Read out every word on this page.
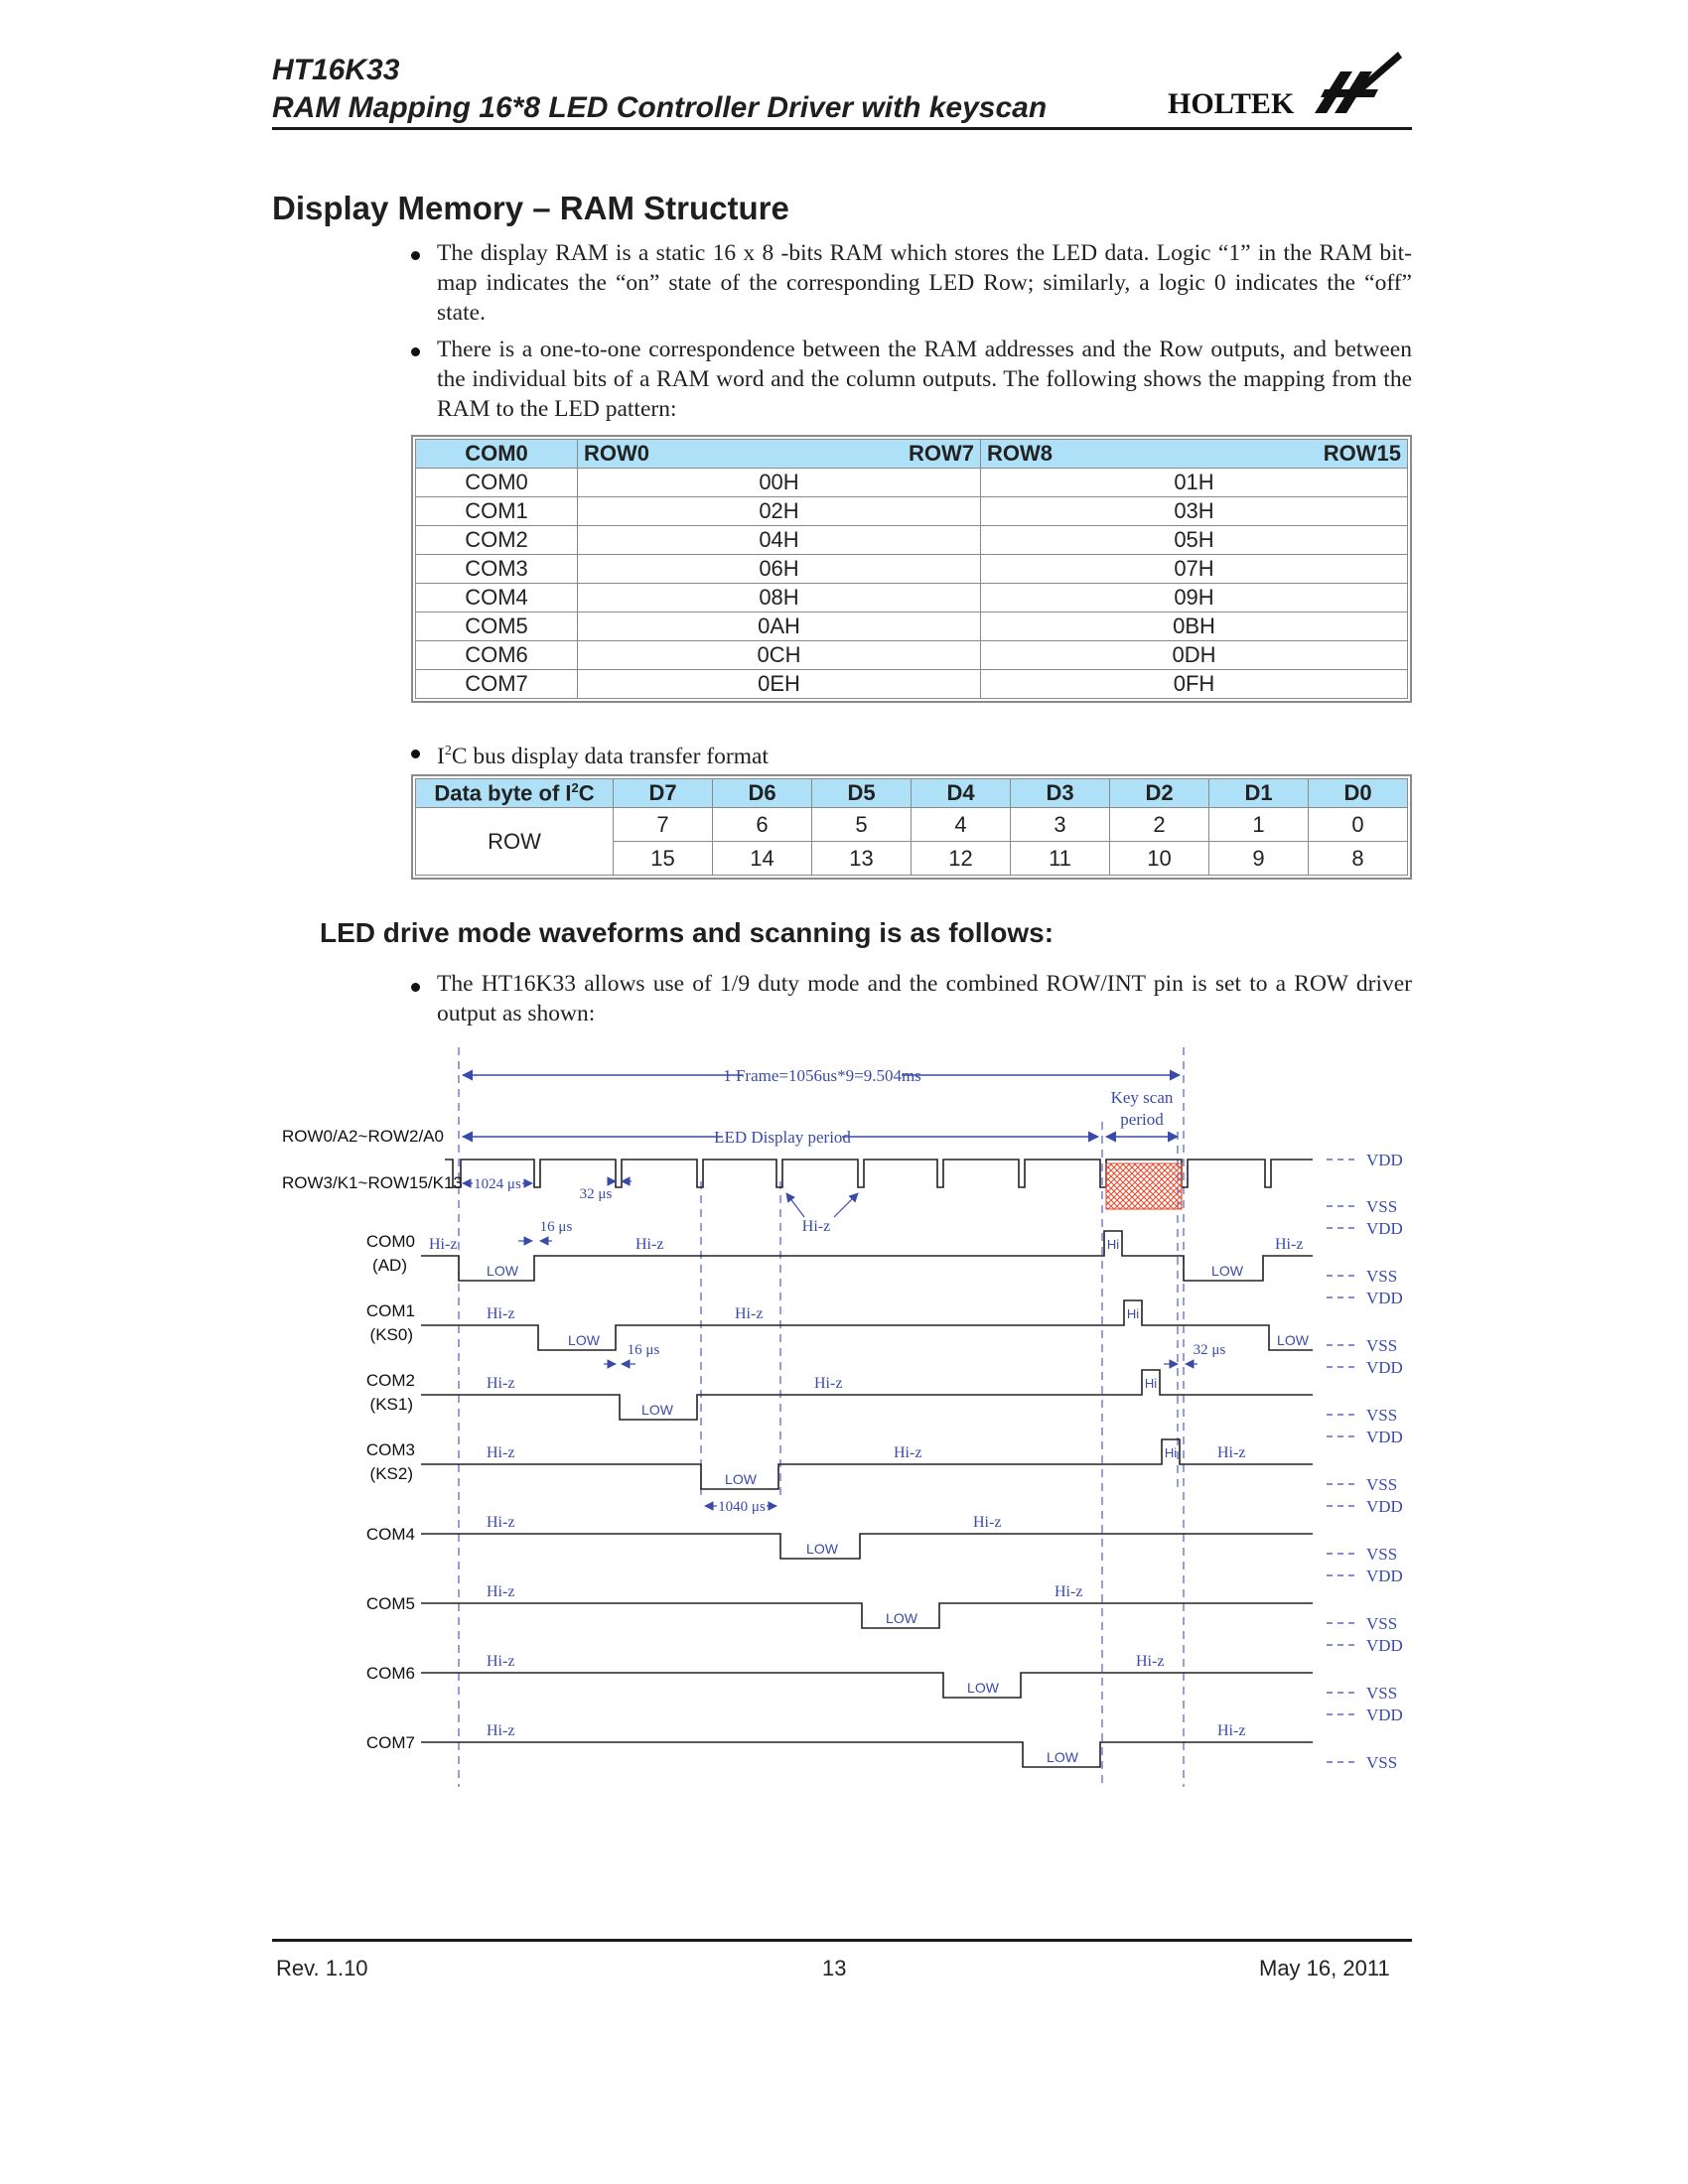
HT16K33
RAM Mapping 16*8 LED Controller Driver with keyscan	HOLTEK
Display Memory – RAM Structure
The display RAM is a static 16 x 8 -bits RAM which stores the LED data. Logic “1” in the RAM bit-map indicates the “on” state of the corresponding LED Row; similarly, a logic 0 indicates the “off” state.
There is a one-to-one correspondence between the RAM addresses and the Row outputs, and between the individual bits of a RAM word and the column outputs. The following shows the mapping from the RAM to the LED pattern:
COM0	ROW0 ROW7	ROW8 ROW15

COM0	00H	01H
COM1	02H	03H
COM2	04H	05H
COM3	06H	07H
COM4	08H	09H
COM5	0AH	0BH
COM6	0CH	0DH
COM7	0EH	0FH
$I^2C$ bus display data transfer format
Data byte of $I^2C$	D7	D6	D5	D4	D3	D2	D1	D0
ROW	7	6	5	4	3	2	1	0
	15	14	13	12	11	10	9	8
LED drive mode waveforms and scanning is as follows:
The HT16K33 allows use of 1/9 duty mode and the combined ROW/INT pin is set to a ROW driver output as shown:
1 Frame=1056us*9=9.504ms
Key scan
period
LED Display period
ROW0/A2~ROW2/A0
ROW3/K1~ROW15/K13 1024 μs
32 μs
Hi-z
16 μs
COM0
(AD)
COM1
(KS0)
COM2
(KS1)
COM3
(KS2)
COM4
COM5
COM6
COM7
Hi-z	Hi-z	Hi-z
Hi-z	Hi-z
Hi-z	Hi-z
Hi-z	Hi-z	Hi-z
Hi-z	Hi-z
Hi-z	Hi-z
Hi-z	Hi-z
Hi-z	Hi-z
LOW	LOW
LOW	LOW
LOW
LOW
LOW
LOW
LOW
LOW
Hi
Hi
Hi
Hi
16 μs	32 μs
1040 μs
VDD
VSS
VDD
VSS
VDD
VSS
VDD
VSS
VDD
VSS
VDD
VSS
VDD
VSS
VDD
VSS
VDD
VSS
Rev. 1.10	13	May 16, 2011
